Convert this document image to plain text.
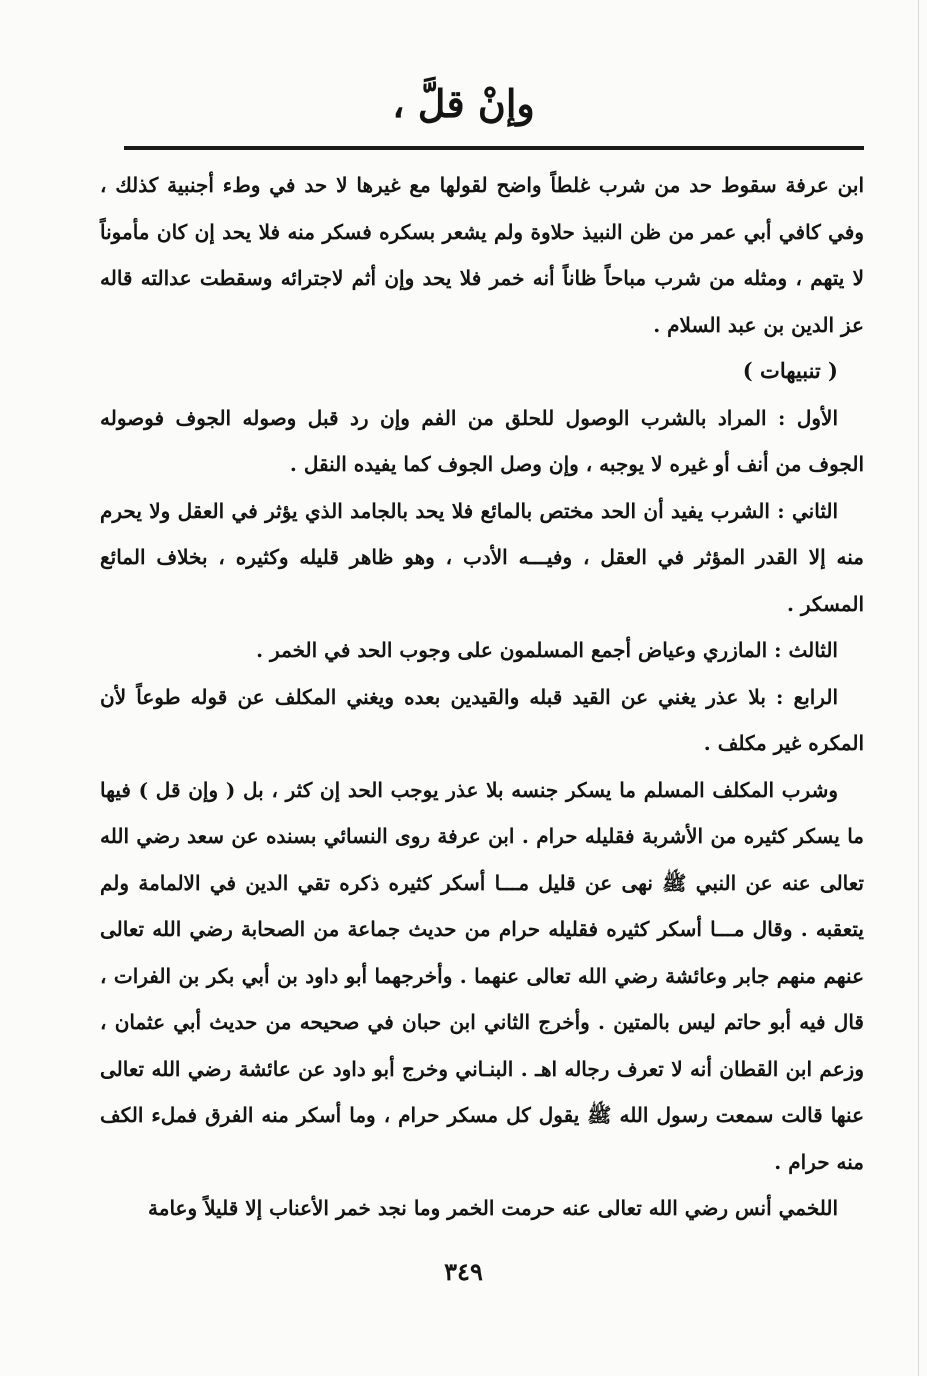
وإنْ قلَّ ،

ابن عرفة سقوط حد من شرب غلطاً واضح لقولها مع غيرها لا حد في وطء أجنبية كذلك ، وفي كافي أبي عمر من ظن النبيذ حلاوة ولم يشعر بسكره فسكر منه فلا يحد إن كان مأموناً لا يتهم ، ومثله من شرب مباحاً ظاناً أنه خمر فلا يحد وإن أثم لاجترائه وسقطت عدالته قاله عز الدين بن عبد السلام .

( تنبيهات )

الأول : المراد بالشرب الوصول للحلق من الفم وإن رد قبل وصوله الجوف فوصوله الجوف من أنف أو غيره لا يوجبه ، وإن وصل الجوف كما يفيده النقل .

الثاني : الشرب يفيد أن الحد مختص بالمائع فلا يحد بالجامد الذي يؤثر في العقل ولا يحرم منه إلا القدر المؤثر في العقل ، وفيـــه الأدب ، وهو ظاهر قليله وكثيره ، بخلاف المائع المسكر .

الثالث : المازري وعياض أجمع المسلمون على وجوب الحد في الخمر .

الرابع : بلا عذر يغني عن القيد قبله والقيدين بعده ويغني المكلف عن قوله طوعاً لأن المكره غير مكلف .

وشرب المكلف المسلم ما يسكر جنسه بلا عذر يوجب الحد إن كثر ، بل ( وإن قل ) فيها ما يسكر كثيره من الأشربة فقليله حرام . ابن عرفة روى النسائي بسنده عن سعد رضي الله تعالى عنه عن النبي ﷺ نهى عن قليل مـــا أسكر كثيره ذكره تقي الدين في الالمامة ولم يتعقبه . وقال مـــا أسكر كثيره فقليله حرام من حديث جماعة من الصحابة رضي الله تعالى عنهم منهم جابر وعائشة رضي الله تعالى عنهما . وأخرجهما أبو داود بن أبي بكر بن الفرات ، قال فيه أبو حاتم ليس بالمتين . وأخرج الثاني ابن حبان في صحيحه من حديث أبي عثمان ، وزعم ابن القطان أنه لا تعرف رجاله اهـ . البنـاني وخرج أبو داود عن عائشة رضي الله تعالى عنها قالت سمعت رسول الله ﷺ يقول كل مسكر حرام ، وما أسكر منه الفرق فملء الكف منه حرام .

اللخمي أنس رضي الله تعالى عنه حرمت الخمر وما نجد خمر الأعناب إلا قليلاً وعامة

٣٤٩
